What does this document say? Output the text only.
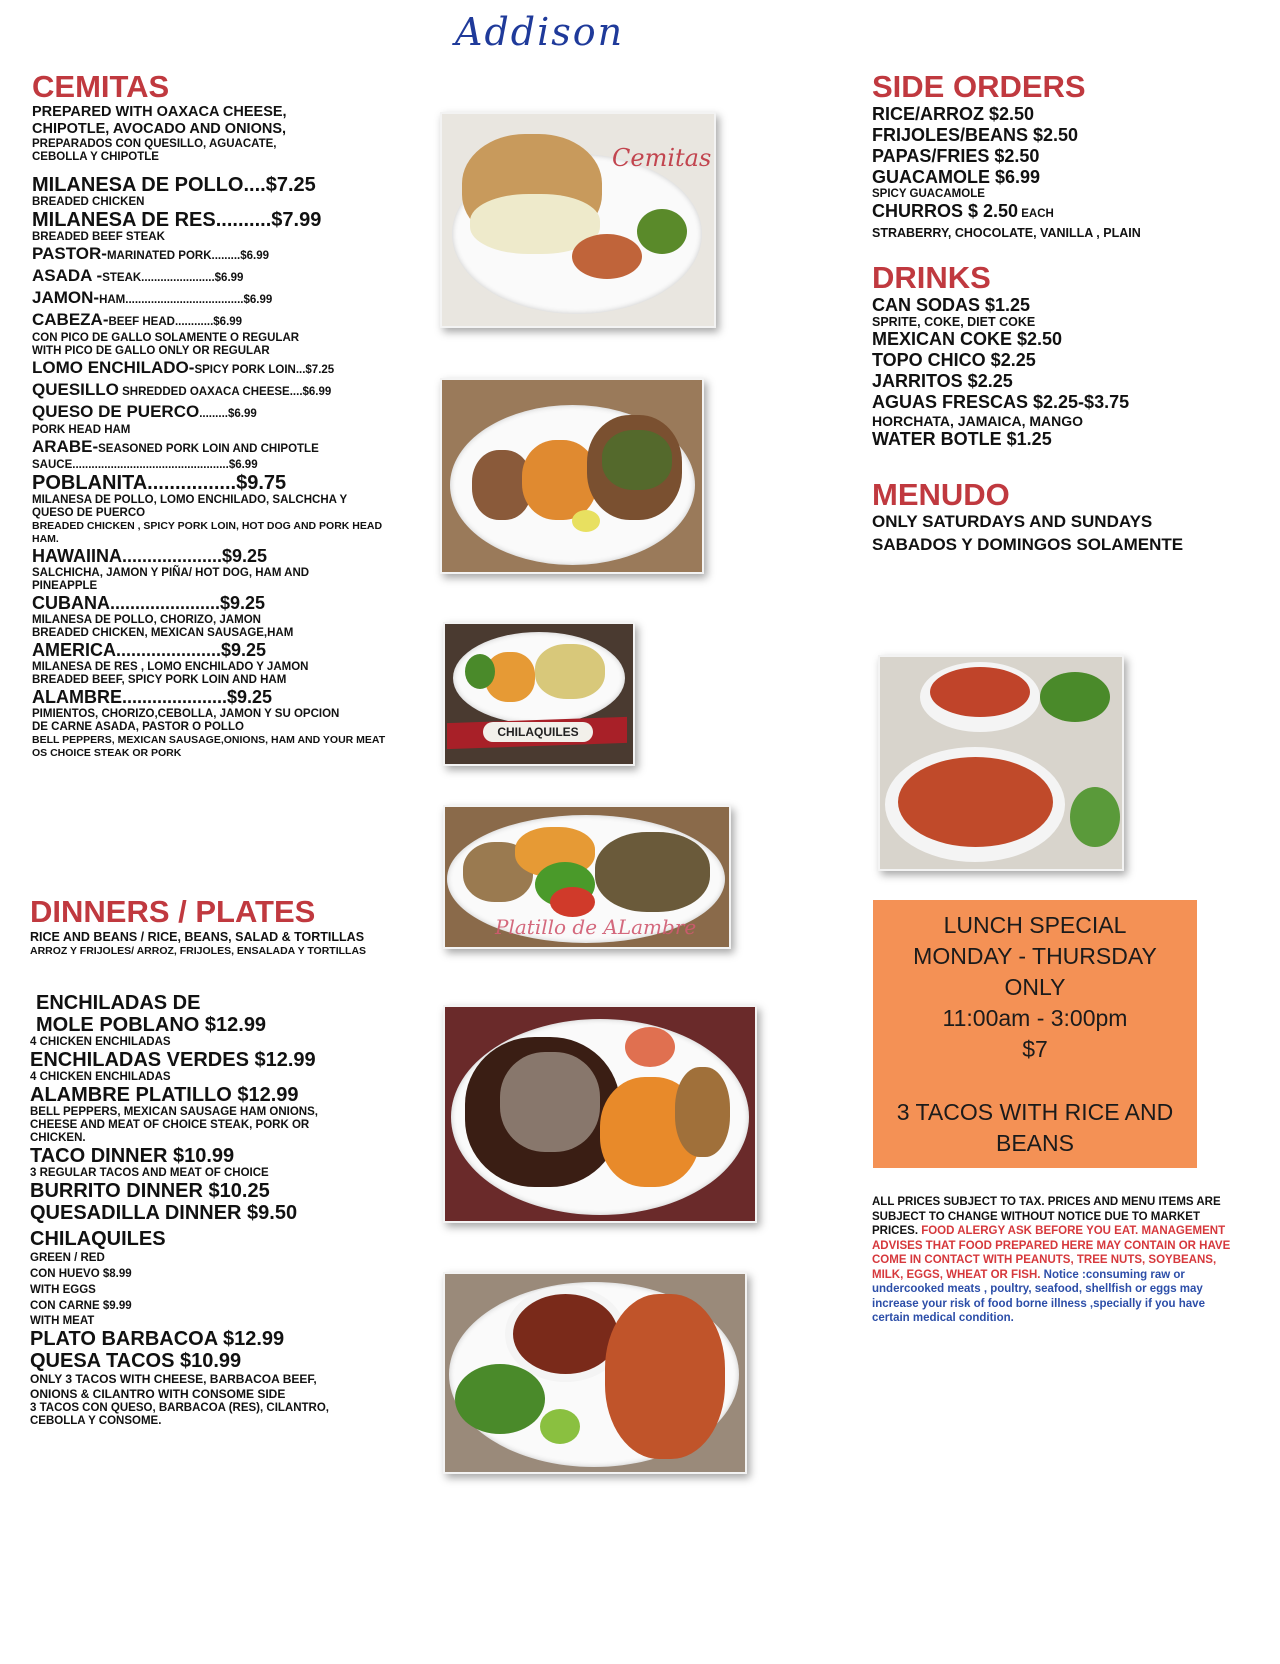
Addison
CEMITAS
PREPARED WITH OAXACA CHEESE,
CHIPOTLE, AVOCADO AND ONIONS,
PREPARADOS CON QUESILLO, AGUACATE,
CEBOLLA Y CHIPOTLE
MILANESA DE POLLO....$7.25
BREADED CHICKEN
MILANESA DE RES..........$7.99
BREADED BEEF STEAK
PASTOR-MARINATED PORK.........$6.99
ASADA -STEAK.......................$6.99
JAMON-HAM.....................................$6.99
CABEZA-BEEF HEAD............$6.99
CON PICO DE GALLO SOLAMENTE O REGULAR
WITH PICO DE GALLO ONLY OR REGULAR
LOMO ENCHILADO-SPICY PORK LOIN...$7.25
QUESILLO SHREDDED OAXACA CHEESE....$6.99
QUESO DE PUERCO.........$6.99
PORK HEAD HAM
ARABE-SEASONED PORK LOIN AND CHIPOTLE
SAUCE.................................................$6.99
POBLANITA................$9.75
MILANESA DE POLLO, LOMO ENCHILADO, SALCHCHA Y
QUESO DE PUERCO
BREADED CHICKEN , SPICY PORK LOIN, HOT DOG AND PORK HEAD
HAM.
HAWAIINA....................$9.25
SALCHICHA, JAMON Y PIÑA/ HOT DOG, HAM AND
PINEAPPLE
CUBANA......................$9.25
MILANESA DE POLLO, CHORIZO, JAMON
BREADED CHICKEN, MEXICAN SAUSAGE,HAM
AMERICA.....................$9.25
MILANESA DE RES , LOMO ENCHILADO Y JAMON
BREADED BEEF, SPICY PORK LOIN AND HAM
ALAMBRE.....................$9.25
PIMIENTOS, CHORIZO,CEBOLLA, JAMON Y SU OPCION
DE CARNE ASADA, PASTOR O POLLO
BELL PEPPERS, MEXICAN SAUSAGE,ONIONS, HAM AND YOUR MEAT
OS CHOICE STEAK OR PORK
DINNERS / PLATES
RICE AND BEANS / RICE, BEANS, SALAD & TORTILLAS
ARROZ Y FRIJOLES/ ARROZ, FRIJOLES, ENSALADA Y TORTILLAS
ENCHILADAS DE
MOLE POBLANO $12.99
4 CHICKEN ENCHILADAS
ENCHILADAS VERDES $12.99
4 CHICKEN ENCHILADAS
ALAMBRE PLATILLO $12.99
BELL PEPPERS, MEXICAN SAUSAGE HAM ONIONS,
CHEESE AND MEAT OF CHOICE STEAK, PORK OR
CHICKEN.
TACO DINNER $10.99
3 REGULAR TACOS AND MEAT OF CHOICE
BURRITO DINNER $10.25
QUESADILLA DINNER $9.50
CHILAQUILES
GREEN / RED
CON HUEVO $8.99
WITH EGGS
CON CARNE $9.99
WITH MEAT
PLATO BARBACOA $12.99
QUESA TACOS $10.99
ONLY 3 TACOS WITH CHEESE, BARBACOA BEEF,
ONIONS & CILANTRO WITH CONSOME SIDE
3 TACOS CON QUESO, BARBACOA (RES), CILANTRO,
CEBOLLA Y CONSOME.
Cemitas
CHILAQUILES
Platillo de ALambre
SIDE ORDERS
RICE/ARROZ $2.50
FRIJOLES/BEANS $2.50
PAPAS/FRIES $2.50
GUACAMOLE $6.99
SPICY GUACAMOLE
CHURROS $ 2.50 EACH
STRABERRY, CHOCOLATE, VANILLA , PLAIN
DRINKS
CAN SODAS $1.25
SPRITE, COKE, DIET COKE
MEXICAN COKE $2.50
TOPO CHICO $2.25
JARRITOS $2.25
AGUAS FRESCAS $2.25-$3.75
HORCHATA, JAMAICA, MANGO
WATER BOTLE $1.25
MENUDO
ONLY SATURDAYS AND SUNDAYS
SABADOS Y DOMINGOS SOLAMENTE
LUNCH SPECIAL
MONDAY - THURSDAY
ONLY
11:00am - 3:00pm
$7
3 TACOS WITH RICE AND
BEANS
ALL PRICES SUBJECT TO TAX. PRICES AND MENU ITEMS ARE SUBJECT TO CHANGE WITHOUT NOTICE DUE TO MARKET PRICES. FOOD ALERGY ASK BEFORE YOU EAT. MANAGEMENT ADVISES THAT FOOD PREPARED HERE MAY CONTAIN OR HAVE COME IN CONTACT WITH PEANUTS, TREE NUTS, SOYBEANS, MILK, EGGS, WHEAT OR FISH. Notice :consuming raw or undercooked meats , poultry, seafood, shellfish or eggs may increase your risk of food borne illness ,specially if you have certain medical condition.
